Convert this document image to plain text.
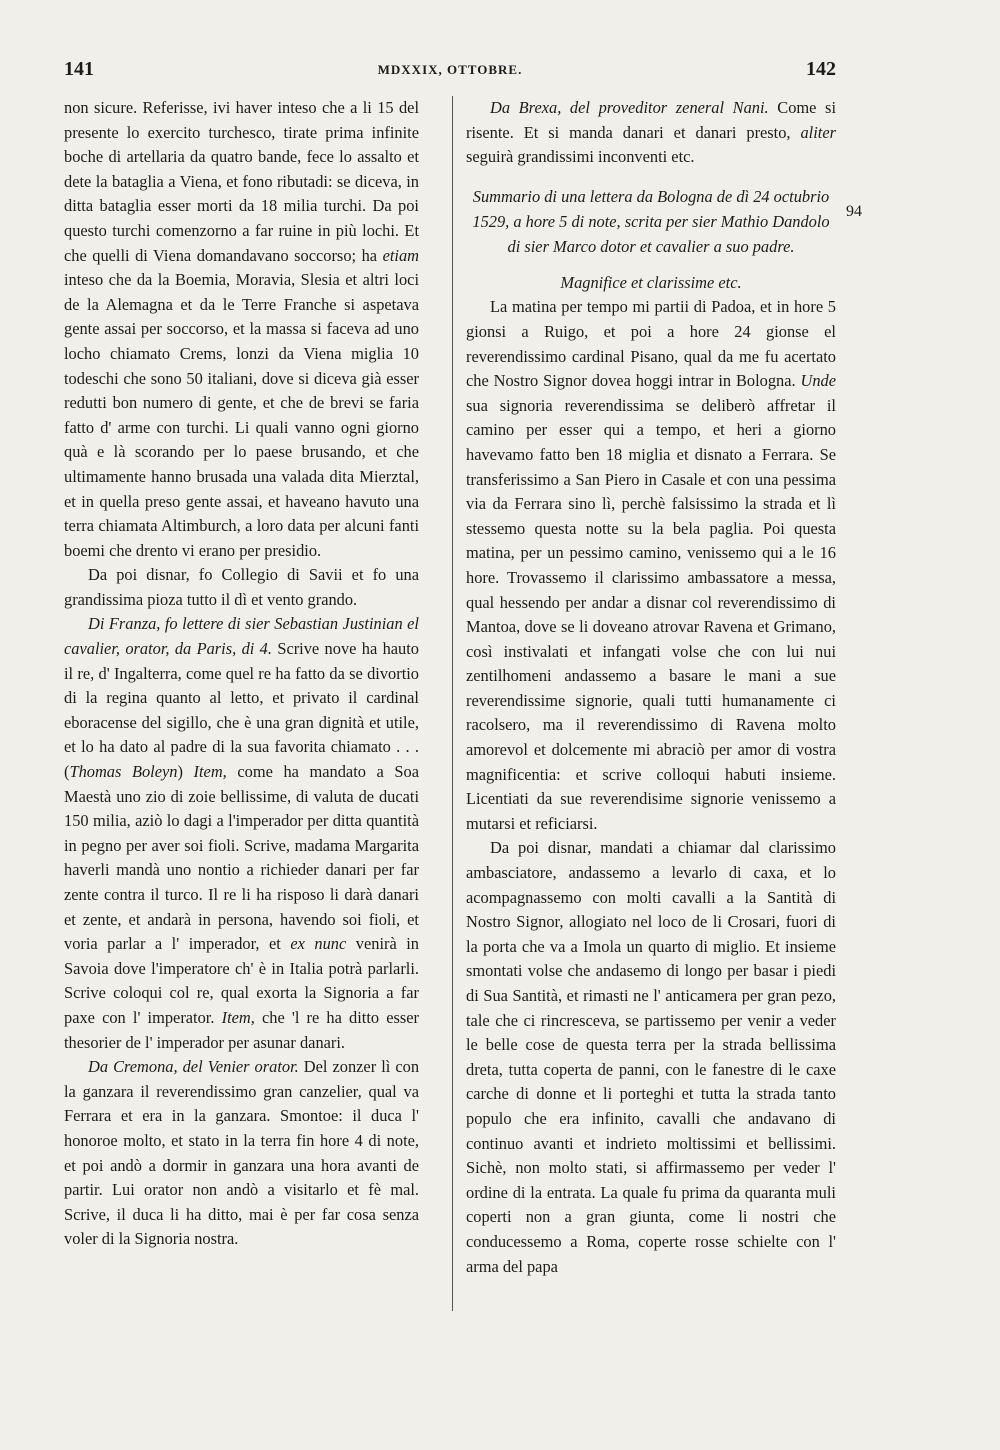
141	MDXXIX, OTTOBRE.	142

non sicure. Referisse, ivi haver inteso che a li 15 del presente lo exercito turchesco, tirate prima infinite boche di artellaria da quatro bande, fece lo assalto et dete la bataglia a Viena, et fono ributadi: se diceva, in ditta bataglia esser morti da 18 milia turchi. Da poi questo turchi comenzorno a far ruine in più lochi. Et che quelli di Viena domandavano soccorso; ha etiam inteso che da la Boemia, Moravia, Slesia et altri loci de la Alemagna et da le Terre Franche si aspetava gente assai per soccorso, et la massa si faceva ad uno locho chiamato Crems, lonzi da Viena miglia 10 todeschi che sono 50 italiani, dove si diceva già esser redutti bon numero di gente, et che de brevi se faria fatto d' arme con turchi. Li quali vanno ogni giorno quà e là scorando per lo paese brusando, et che ultimamente hanno brusada una valada dita Mierztal, et in quella preso gente assai, et haveano havuto una terra chiamata Altimburch, a loro data per alcuni fanti boemi che drento vi erano per presidio.

Da poi disnar, fo Collegio di Savii et fo una grandissima pioza tutto il dì et vento grando.

Di Franza, fo lettere di sier Sebastian Justinian el cavalier, orator, da Paris, di 4. Scrive nove ha hauto il re, d' Ingalterra, come quel re ha fatto da se divortio di la regina quanto al letto, et privato il cardinal eboracense del sigillo, che è una gran dignità et utile, et lo ha dato al padre di la sua favorita chiamato . . . (Thomas Boleyn) Item, come ha mandato a Soa Maestà uno zio di zoie bellissime, di valuta de ducati 150 milia, aziò lo dagi a l'imperador per ditta quantità in pegno per aver soi fioli. Scrive, madama Margarita haverli mandà uno nontio a richieder danari per far zente contra il turco. Il re li ha risposo li darà danari et zente, et andarà in persona, havendo soi fioli, et voria parlar a l' imperador, et ex nunc venirà in Savoia dove l'imperatore ch' è in Italia potrà parlarli. Scrive coloqui col re, qual exorta la Signoria a far paxe con l' imperator. Item, che 'l re ha ditto esser thesorier de l' imperador per asunar danari.

Da Cremona, del Venier orator. Del zonzer lì con la ganzara il reverendissimo gran canzelier, qual va Ferrara et era in la ganzara. Smontoe: il duca l' honoroe molto, et stato in la terra fin hore 4 di note, et poi andò a dormir in ganzara una hora avanti de partir. Lui orator non andò a visitarlo et fè mal. Scrive, il duca li ha ditto, mai è per far cosa senza voler di la Signoria nostra.

Da Brexa, del proveditor zeneral Nani. Come si risente. Et si manda danari et danari presto, aliter seguirà grandissimi inconventi etc.

Summario di una lettera da Bologna de dì 24 octubrio 1529, a hore 5 di note, scrita per sier Mathio Dandolo di sier Marco dotor et cavalier a suo padre.

Magnifice et clarissime etc.

La matina per tempo mi partii di Padoa, et in hore 5 gionsi a Ruigo, et poi a hore 24 gionse el reverendissimo cardinal Pisano, qual da me fu acertato che Nostro Signor dovea hoggi intrar in Bologna. Unde sua signoria reverendissima se deliberò affretar il camino per esser qui a tempo, et heri a giorno havevamo fatto ben 18 miglia et disnato a Ferrara. Se transferissimo a San Piero in Casale et con una pessima via da Ferrara sino lì, perchè falsissimo la strada et lì stessemo questa notte su la bela paglia. Poi questa matina, per un pessimo camino, venissemo qui a le 16 hore. Trovassemo il clarissimo ambassatore a messa, qual hessendo per andar a disnar col reverendissimo di Mantoa, dove se li doveano atrovar Ravena et Grimano, così instivalati et infangati volse che con lui nui zentilhomeni andassemo a basare le mani a sue reverendissime signorie, quali tutti humanamente ci racolsero, ma il reverendissimo di Ravena molto amorevol et dolcemente mi abraciò per amor di vostra magnificentia: et scrive colloqui habuti insieme. Licentiati da sue reverendisime signorie venissemo a mutarsi et reficiarsi.

Da poi disnar, mandati a chiamar dal clarissimo ambasciatore, andassemo a levarlo di caxa, et lo acompagnassemo con molti cavalli a la Santità di Nostro Signor, allogiato nel loco de li Crosari, fuori di la porta che va a Imola un quarto di miglio. Et insieme smontati volse che andasemo di longo per basar i piedi di Sua Santità, et rimasti ne l' anticamera per gran pezo, tale che ci rincresceva, se partissemo per venir a veder le belle cose de questa terra per la strada bellissima dreta, tutta coperta de panni, con le fanestre di le caxe carche di donne et li porteghi et tutta la strada tanto populo che era infinito, cavalli che andavano di continuo avanti et indrieto moltissimi et bellissimi. Sichè, non molto stati, si affirmassemo per veder l' ordine di la entrata. La quale fu prima da quaranta muli coperti non a gran giunta, come li nostri che conducessemo a Roma, coperte rosse schielte con l' arma del papa

94
